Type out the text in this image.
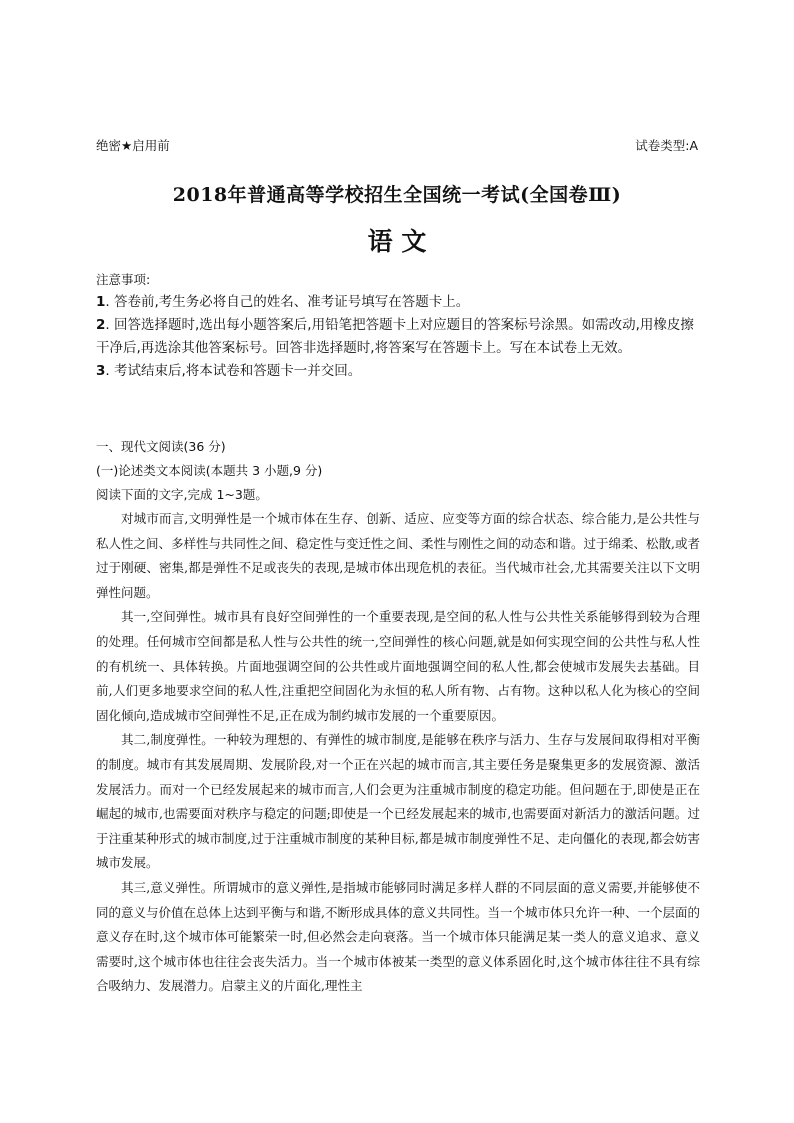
绝密★启用前	试卷类型:A
2018年普通高等学校招生全国统一考试(全国卷Ⅲ)
语 文
注意事项:
1. 答卷前,考生务必将自己的姓名、准考证号填写在答题卡上。
2. 回答选择题时,选出每小题答案后,用铅笔把答题卡上对应题目的答案标号涂黑。如需改动,用橡皮擦干净后,再选涂其他答案标号。回答非选择题时,将答案写在答题卡上。写在本试卷上无效。
3. 考试结束后,将本试卷和答题卡一并交回。
一、现代文阅读(36 分)
(一)论述类文本阅读(本题共 3 小题,9 分)
阅读下面的文字,完成 1~3题。

对城市而言,文明弹性是一个城市体在生存、创新、适应、应变等方面的综合状态、综合能力,是公共性与私人性之间、多样性与共同性之间、稳定性与变迁性之间、柔性与刚性之间的动态和谐。过于绵柔、松散,或者过于刚硬、密集,都是弹性不足或丧失的表现,是城市体出现危机的表征。当代城市社会,尤其需要关注以下文明弹性问题。

其一,空间弹性。城市具有良好空间弹性的一个重要表现,是空间的私人性与公共性关系能够得到较为合理的处理。任何城市空间都是私人性与公共性的统一,空间弹性的核心问题,就是如何实现空间的公共性与私人性的有机统一、具体转换。片面地强调空间的公共性或片面地强调空间的私人性,都会使城市发展失去基础。目前,人们更多地要求空间的私人性,注重把空间固化为永恒的私人所有物、占有物。这种以私人化为核心的空间固化倾向,造成城市空间弹性不足,正在成为制约城市发展的一个重要原因。

其二,制度弹性。一种较为理想的、有弹性的城市制度,是能够在秩序与活力、生存与发展间取得相对平衡的制度。城市有其发展周期、发展阶段,对一个正在兴起的城市而言,其主要任务是聚集更多的发展资源、激活发展活力。而对一个已经发展起来的城市而言,人们会更为注重城市制度的稳定功能。但问题在于,即使是正在崛起的城市,也需要面对秩序与稳定的问题;即使是一个已经发展起来的城市,也需要面对新活力的激活问题。过于注重某种形式的城市制度,过于注重城市制度的某种目标,都是城市制度弹性不足、走向僵化的表现,都会妨害城市发展。

其三,意义弹性。所谓城市的意义弹性,是指城市能够同时满足多样人群的不同层面的意义需要,并能够使不同的意义与价值在总体上达到平衡与和谐,不断形成具体的意义共同性。当一个城市体只允许一种、一个层面的意义存在时,这个城市体可能繁荣一时,但必然会走向衰落。当一个城市体只能满足某一类人的意义追求、意义需要时,这个城市体也往往会丧失活力。当一个城市体被某一类型的意义体系固化时,这个城市体往往不具有综合吸纳力、发展潜力。启蒙主义的片面化,理性主
